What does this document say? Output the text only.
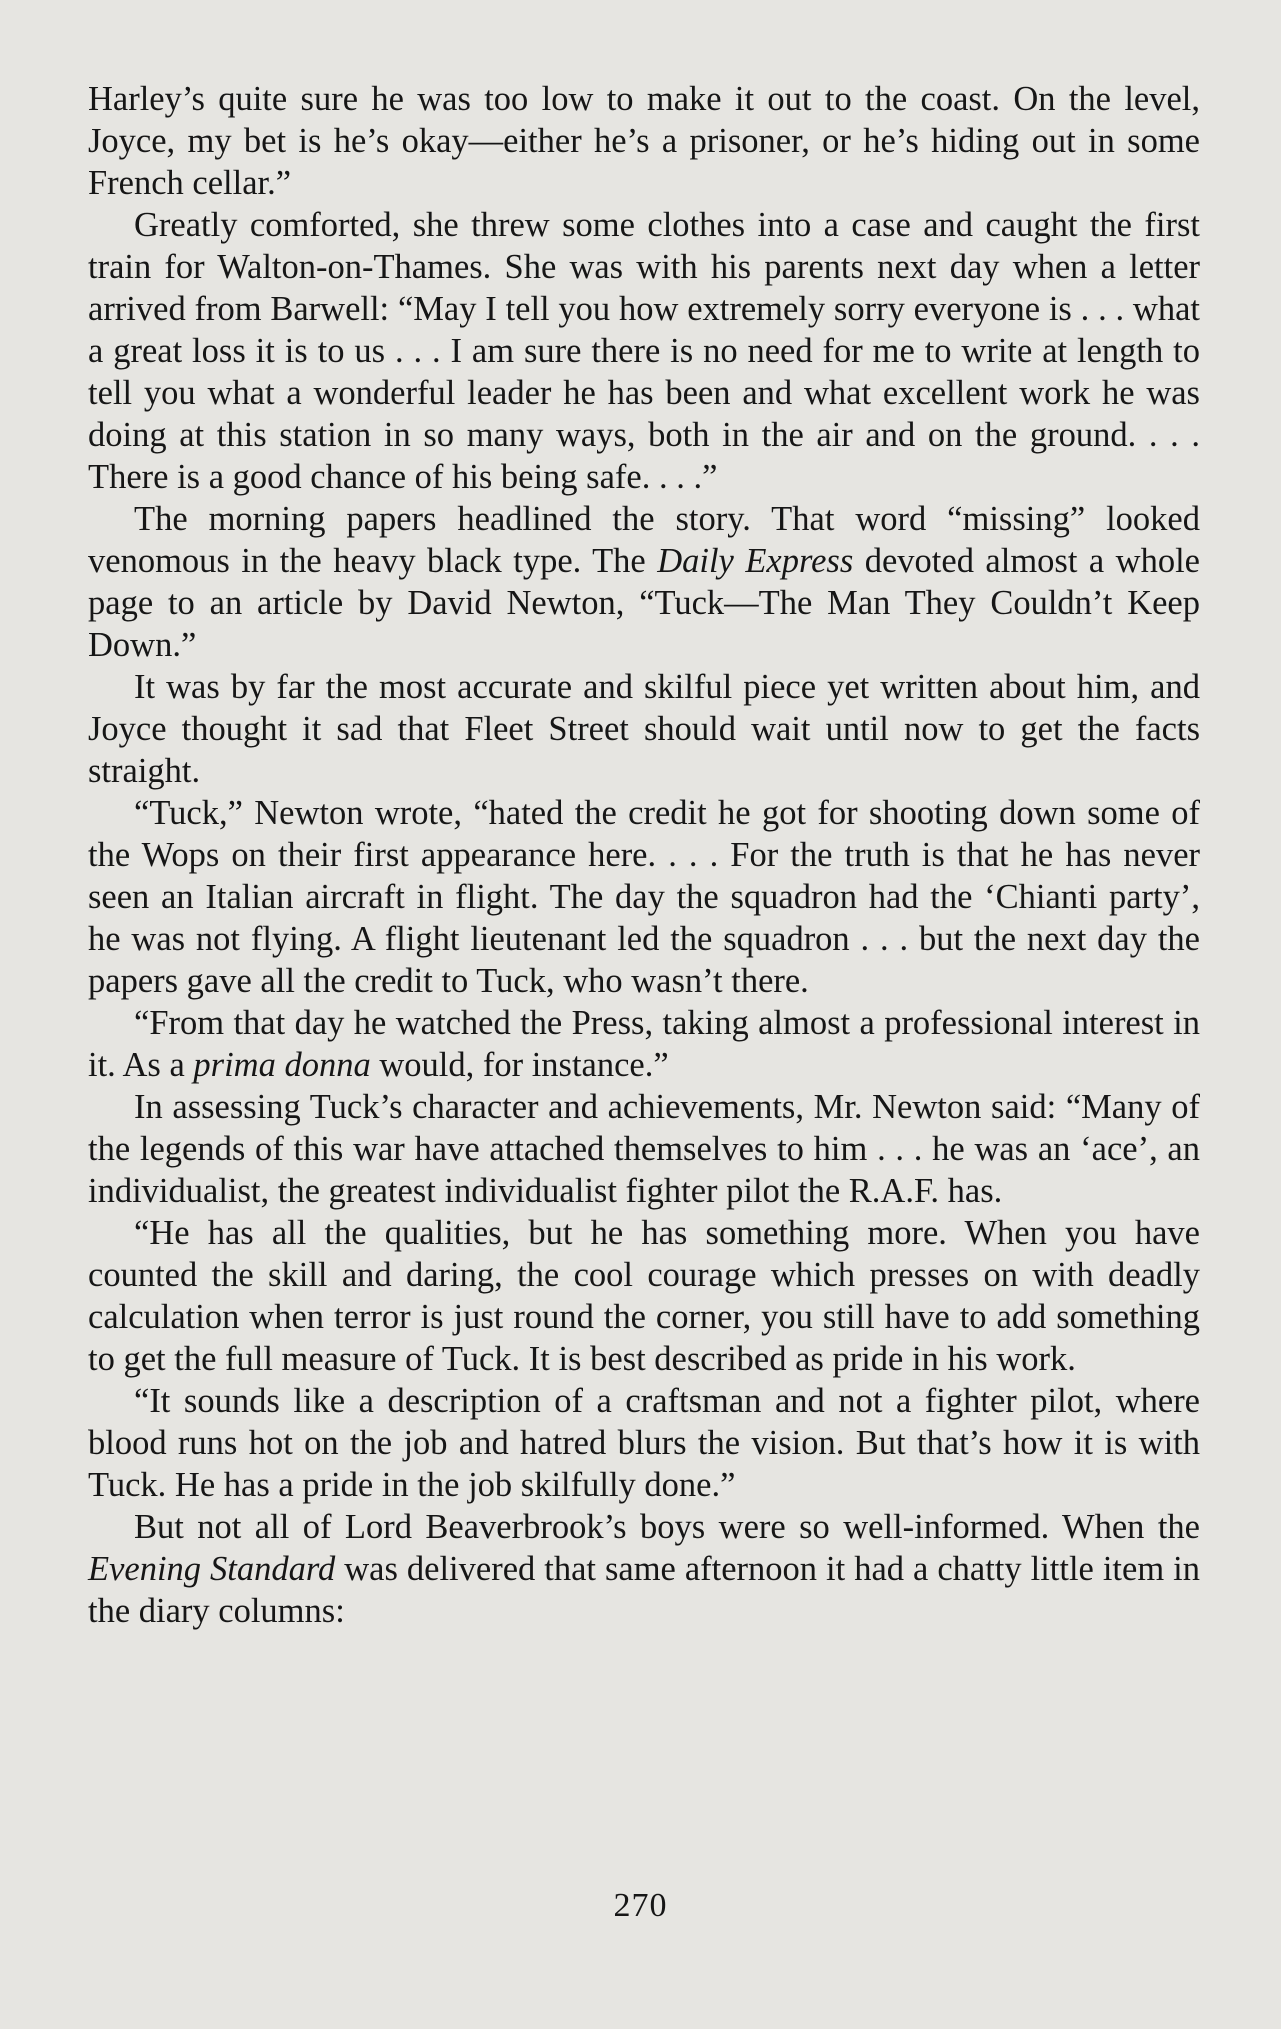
Harley’s quite sure he was too low to make it out to the coast. On the level, Joyce, my bet is he’s okay—either he’s a prisoner, or he’s hiding out in some French cellar.”

Greatly comforted, she threw some clothes into a case and caught the first train for Walton-on-Thames. She was with his parents next day when a letter arrived from Barwell: “May I tell you how extremely sorry everyone is . . . what a great loss it is to us . . . I am sure there is no need for me to write at length to tell you what a wonderful leader he has been and what excellent work he was doing at this station in so many ways, both in the air and on the ground. . . . There is a good chance of his being safe. . . .”

The morning papers headlined the story. That word “missing” looked venomous in the heavy black type. The Daily Express devoted almost a whole page to an article by David Newton, “Tuck—The Man They Couldn’t Keep Down.”

It was by far the most accurate and skilful piece yet written about him, and Joyce thought it sad that Fleet Street should wait until now to get the facts straight.

“Tuck,” Newton wrote, “hated the credit he got for shooting down some of the Wops on their first appearance here. . . . For the truth is that he has never seen an Italian aircraft in flight. The day the squadron had the ‘Chianti party’, he was not flying. A flight lieutenant led the squadron . . . but the next day the papers gave all the credit to Tuck, who wasn’t there.

“From that day he watched the Press, taking almost a professional interest in it. As a prima donna would, for instance.”

In assessing Tuck’s character and achievements, Mr. Newton said: “Many of the legends of this war have attached themselves to him . . . he was an ‘ace’, an individualist, the greatest individualist fighter pilot the R.A.F. has.

“He has all the qualities, but he has something more. When you have counted the skill and daring, the cool courage which presses on with deadly calculation when terror is just round the corner, you still have to add something to get the full measure of Tuck. It is best described as pride in his work.

“It sounds like a description of a craftsman and not a fighter pilot, where blood runs hot on the job and hatred blurs the vision. But that’s how it is with Tuck. He has a pride in the job skilfully done.”

But not all of Lord Beaverbrook’s boys were so well-informed. When the Evening Standard was delivered that same afternoon it had a chatty little item in the diary columns:

270
